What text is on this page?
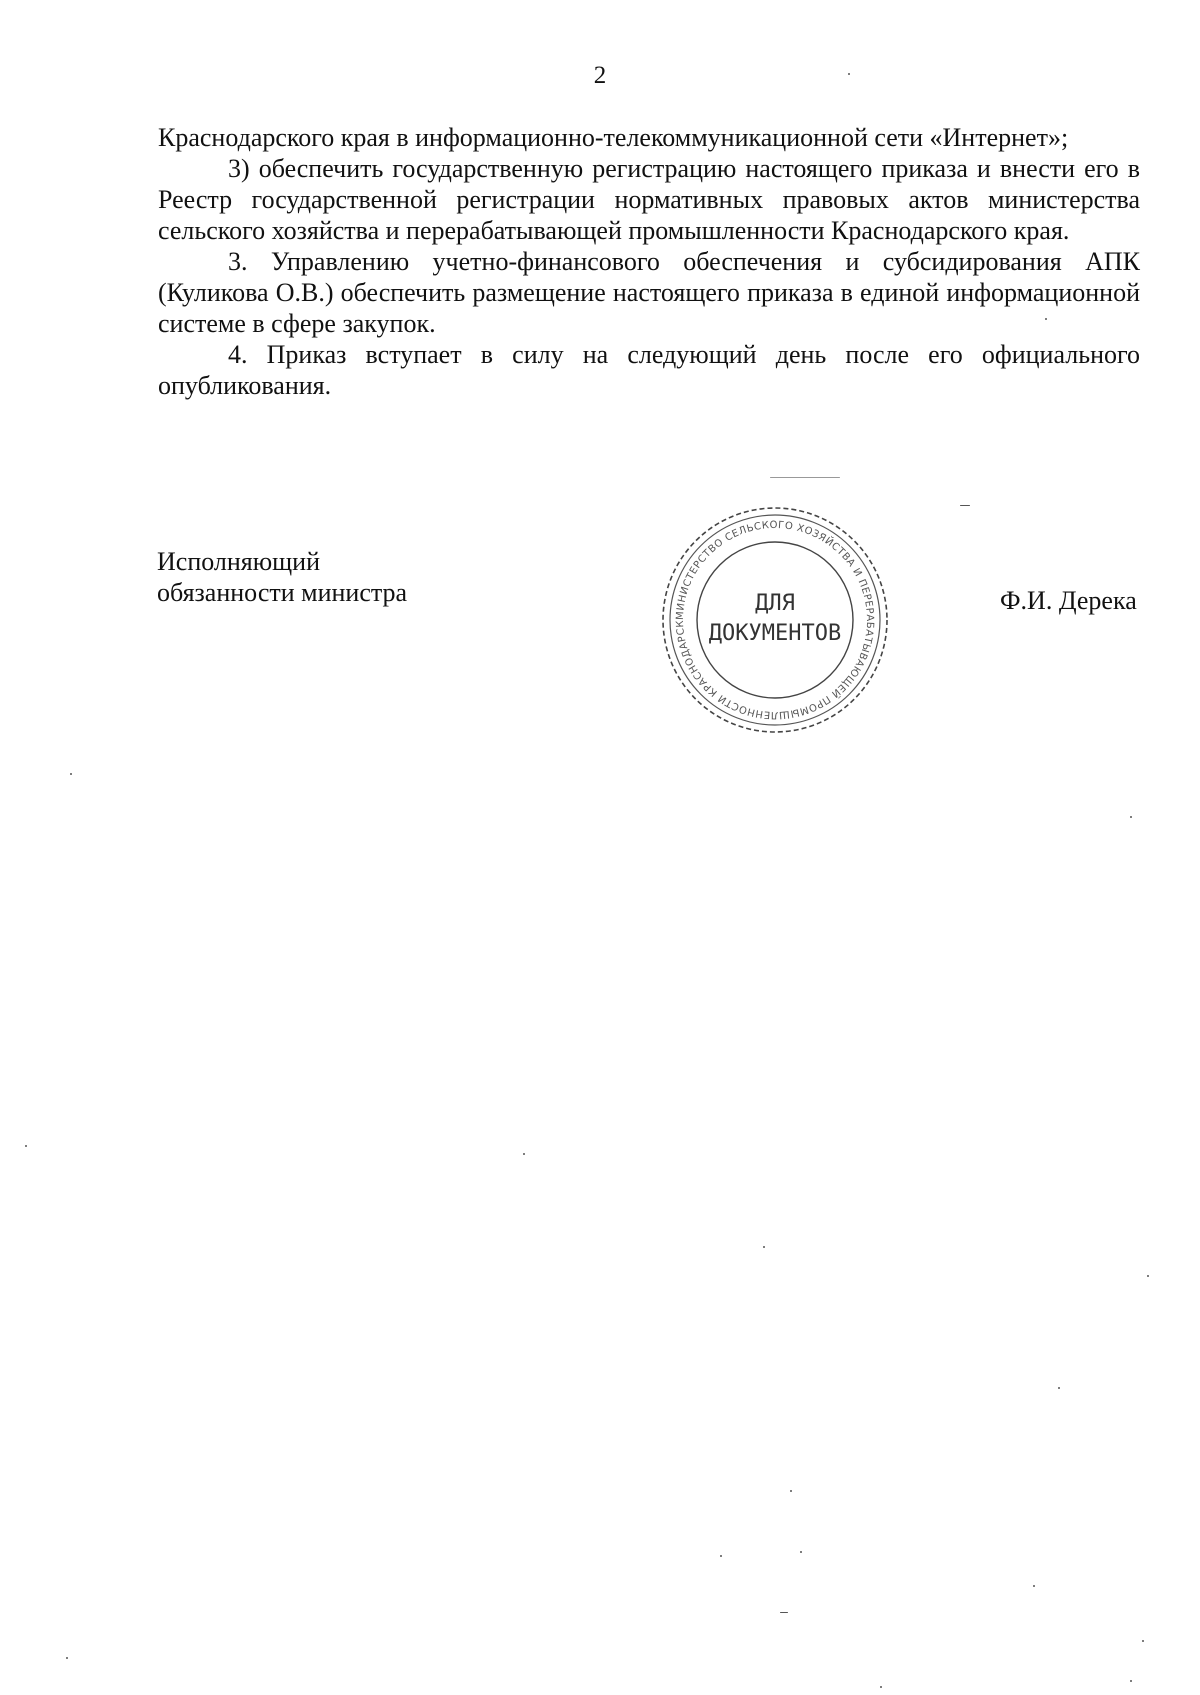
2

Краснодарского края в информационно-телекоммуникационной сети «Интернет»;

3) обеспечить государственную регистрацию настоящего приказа и внести его в Реестр государственной регистрации нормативных правовых актов министерства сельского хозяйства и перерабатывающей промышленности Краснодарского края.

3. Управлению учетно-финансового обеспечения и субсидирования АПК (Куликова О.В.) обеспечить размещение настоящего приказа в единой информационной системе в сфере закупок.

4. Приказ вступает в силу на следующий день после его официального опубликования.

Исполняющий
обязанности министра	Ф.И. Дерека
МИНИСТЕРСТВО СЕЛЬСКОГО ХОЗЯЙСТВА И ПЕРЕРАБАТЫВАЮЩЕЙ ПРОМЫШЛЕННОСТИ КРАСНОДАРСК
ДЛЯ
ДОКУМЕНТОВ
